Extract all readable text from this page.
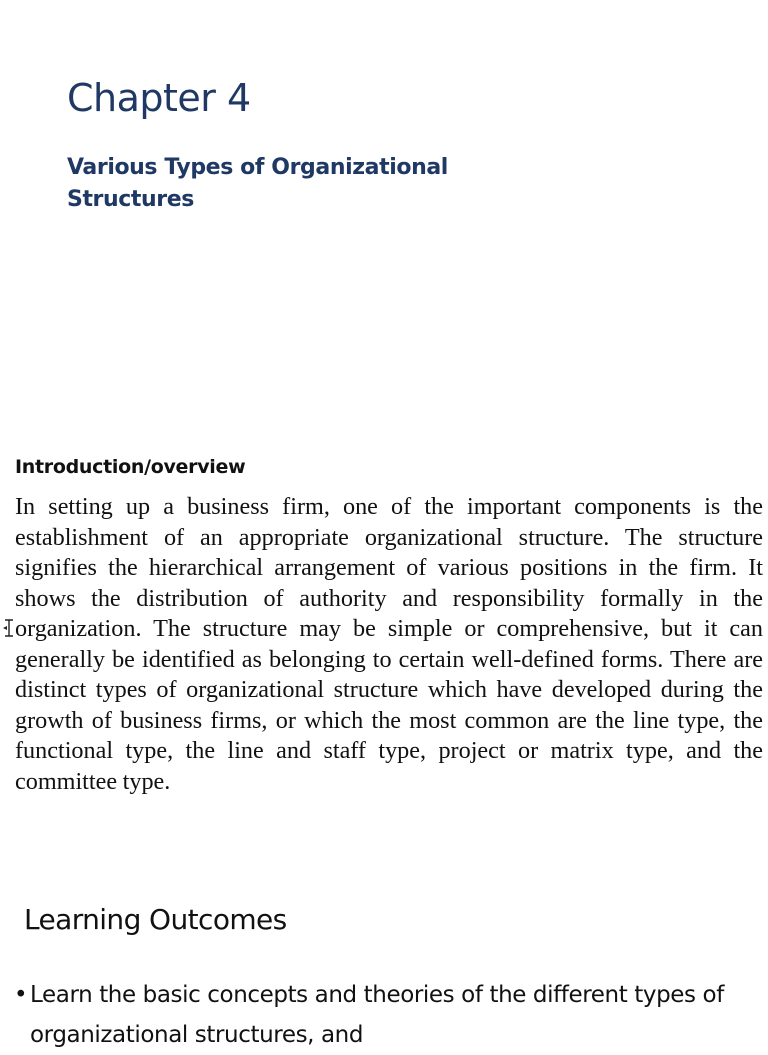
Chapter 4
Various Types of Organizational Structures
Introduction/overview

In setting up a business firm, one of the important components is the establishment of an appropriate organizational structure. The structure signifies the hierarchical arrangement of various positions in the firm. It shows the distribution of authority and responsibility formally in the organization. The structure may be simple or comprehensive, but it can generally be identified as belonging to certain well-defined forms. There are distinct types of organizational structure which have developed during the growth of business firms, or which the most common are the line type, the functional type, the line and staff type, project or matrix type, and the committee type.

Learning Outcomes
• Learn the basic concepts and theories of the different types of organizational structures, and
